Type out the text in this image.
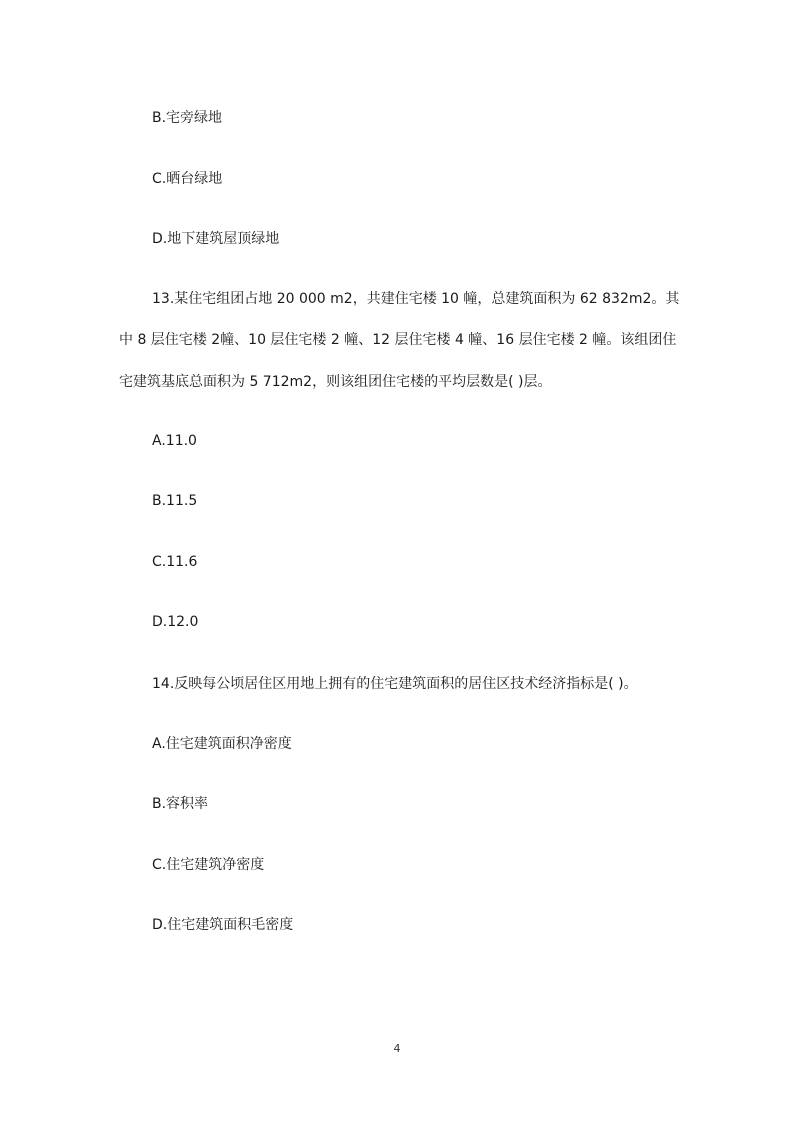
B.宅旁绿地
C.晒台绿地
D.地下建筑屋顶绿地
13.某住宅组团占地 20 000 m2，共建住宅楼 10 幢，总建筑面积为 62 832m2。其
中 8 层住宅楼 2幢、10 层住宅楼 2 幢、12 层住宅楼 4 幢、16 层住宅楼 2 幢。该组团住
宅建筑基底总面积为 5 712m2，则该组团住宅楼的平均层数是( )层。
A.11.0
B.11.5
C.11.6
D.12.0
14.反映每公顷居住区用地上拥有的住宅建筑面积的居住区技术经济指标是( )。
A.住宅建筑面积净密度
B.容积率
C.住宅建筑净密度
D.住宅建筑面积毛密度
4
